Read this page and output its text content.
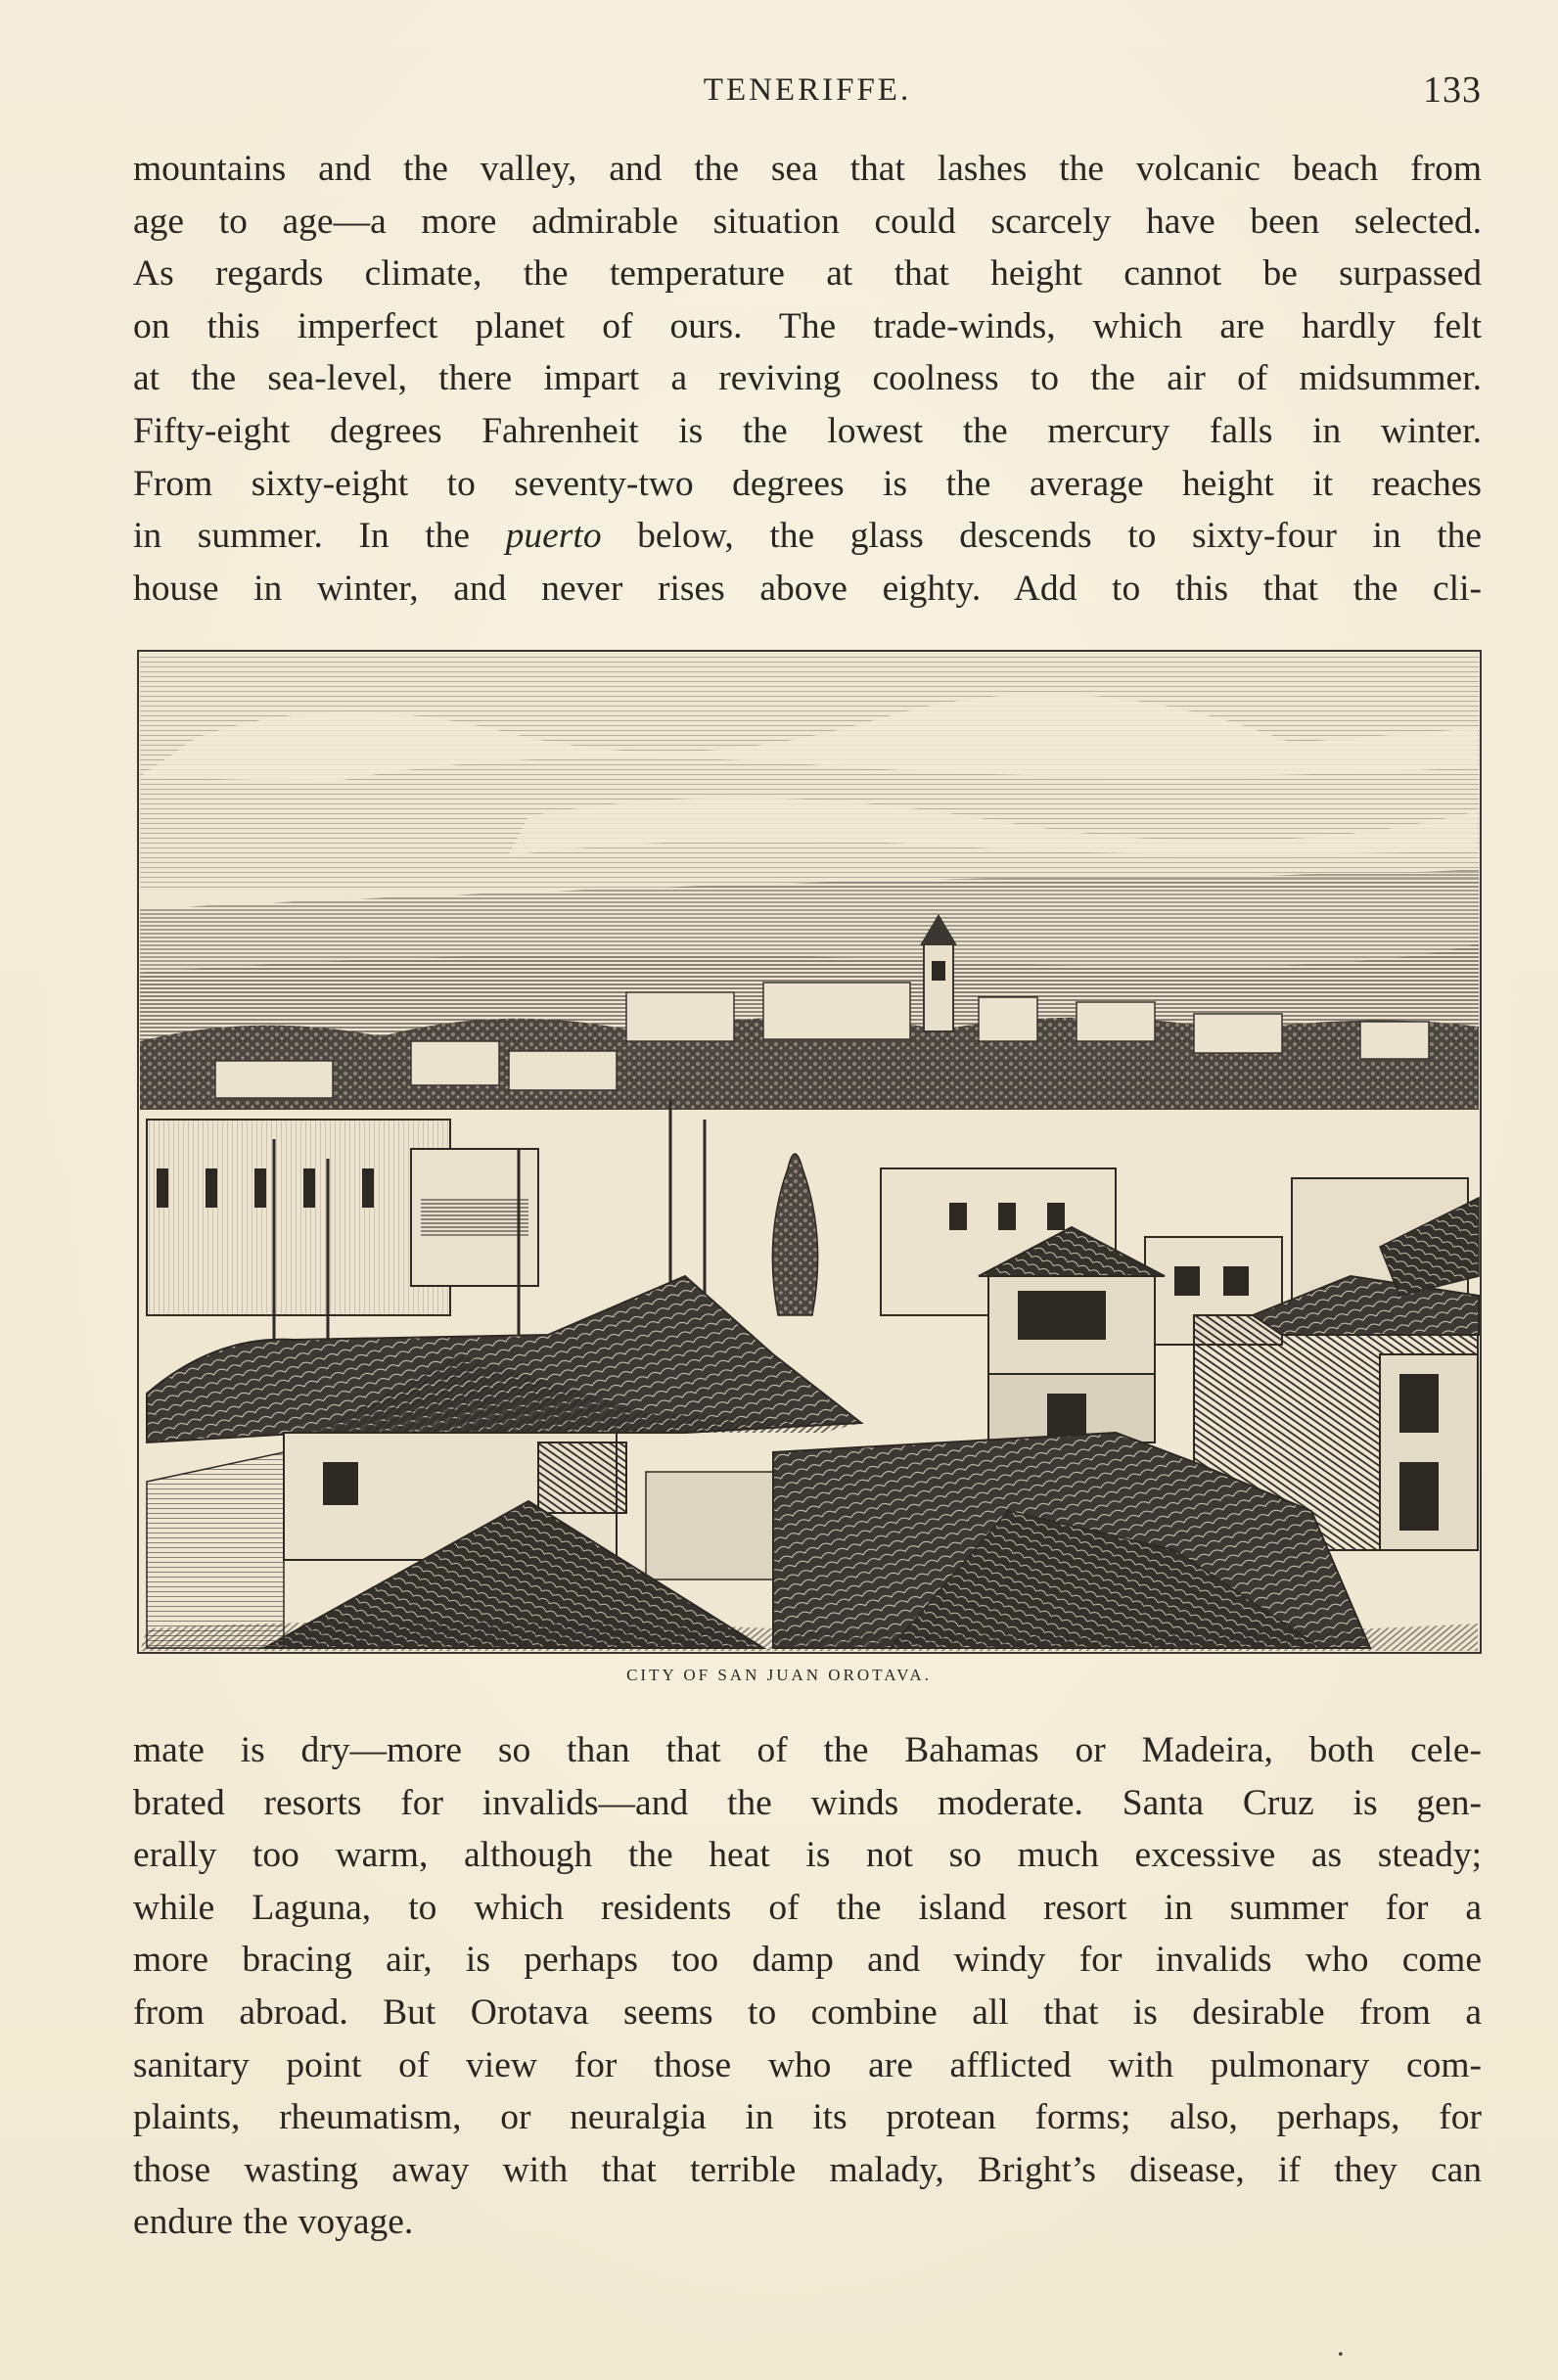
TENERIFFE.	133
mountains and the valley, and the sea that lashes the volcanic beach from
age to age—a more admirable situation could scarcely have been selected.
As regards climate, the temperature at that height cannot be surpassed
on this imperfect planet of ours. The trade-winds, which are hardly felt
at the sea-level, there impart a reviving coolness to the air of midsummer.
Fifty-eight degrees Fahrenheit is the lowest the mercury falls in winter.
From sixty-eight to seventy-two degrees is the average height it reaches
in summer. In the puerto below, the glass descends to sixty-four in the
house in winter, and never rises above eighty. Add to this that the cli-
CITY OF SAN JUAN OROTAVA.
mate is dry—more so than that of the Bahamas or Madeira, both cele-
brated resorts for invalids—and the winds moderate. Santa Cruz is gen-
erally too warm, although the heat is not so much excessive as steady;
while Laguna, to which residents of the island resort in summer for a
more bracing air, is perhaps too damp and windy for invalids who come
from abroad. But Orotava seems to combine all that is desirable from a
sanitary point of view for those who are afflicted with pulmonary com-
plaints, rheumatism, or neuralgia in its protean forms; also, perhaps, for
those wasting away with that terrible malady, Bright’s disease, if they can
endure the voyage.
•
